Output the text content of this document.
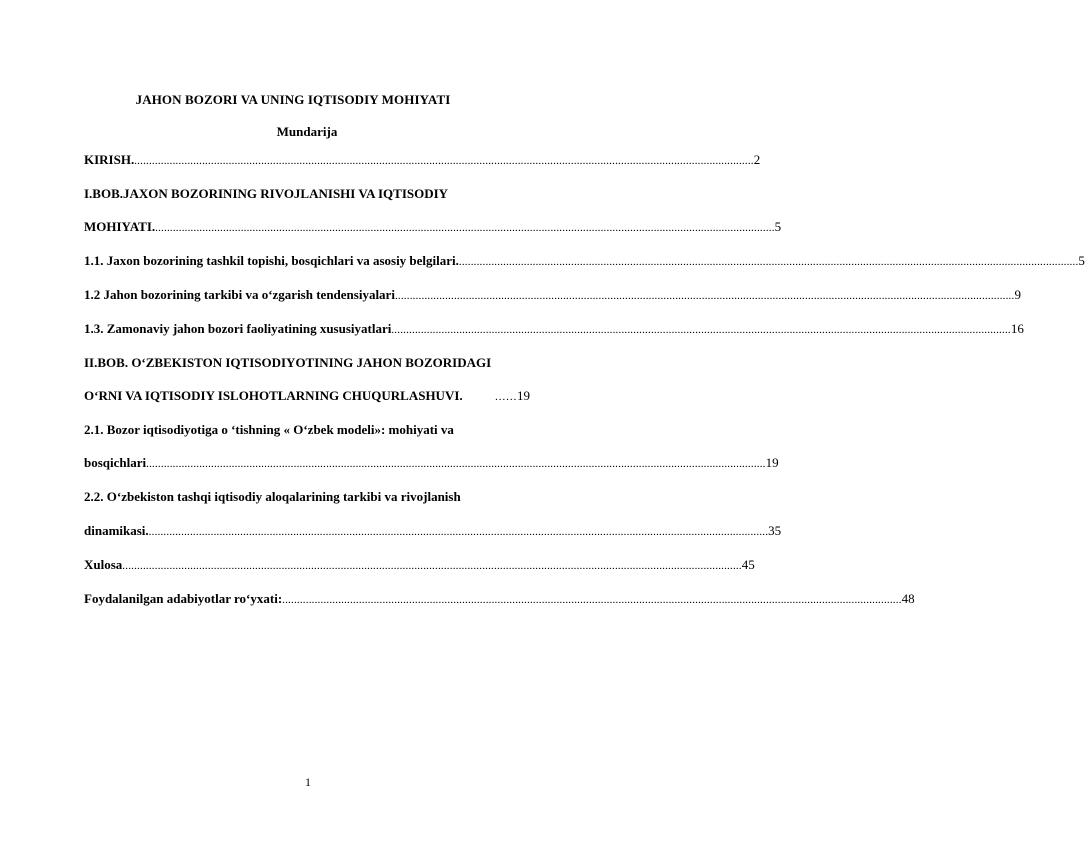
JAHON BOZORI VA UNING IQTISODIY MOHIYATI
Mundarija
KIRISH. .................................................................................................................................................................................................................. 2
I.BOB.JAXON BOZORINING RIVOJLANISHI VA IQTISODIY
MOHIYATI. .................................................................................................................................................................................................................. 5
1.1. Jaxon bozorining tashkil topishi, bosqichlari va asosiy belgilari. .................................................................................................................................................................................................................. 5
1.2 Jahon bozorining tarkibi va o‘zgarish tendensiyalari .................................................................................................................................................................................................................. 9
1.3. Zamonaviy jahon bozori faoliyatining xususiyatlari .................................................................................................................................................................................................................. 16
II.BOB. O‘ZBEKISTON IQTISODIYOTINING JAHON BOZORIDAGI
O‘RNI VA IQTISODIY ISLOHOTLARNING CHUQURLASHUVI.	…… 19
2.1. Bozor iqtisodiyotiga o ‘tishning « O‘zbek modeli»: mohiyati va
bosqichlari .................................................................................................................................................................................................................. 19
2.2. O‘zbekiston tashqi iqtisodiy aloqalarining tarkibi va rivojlanish
dinamikasi. .................................................................................................................................................................................................................. 35
Xulosa .................................................................................................................................................................................................................. 45
Foydalanilgan adabiyotlar ro‘yxati: .................................................................................................................................................................................................................. 48
1
